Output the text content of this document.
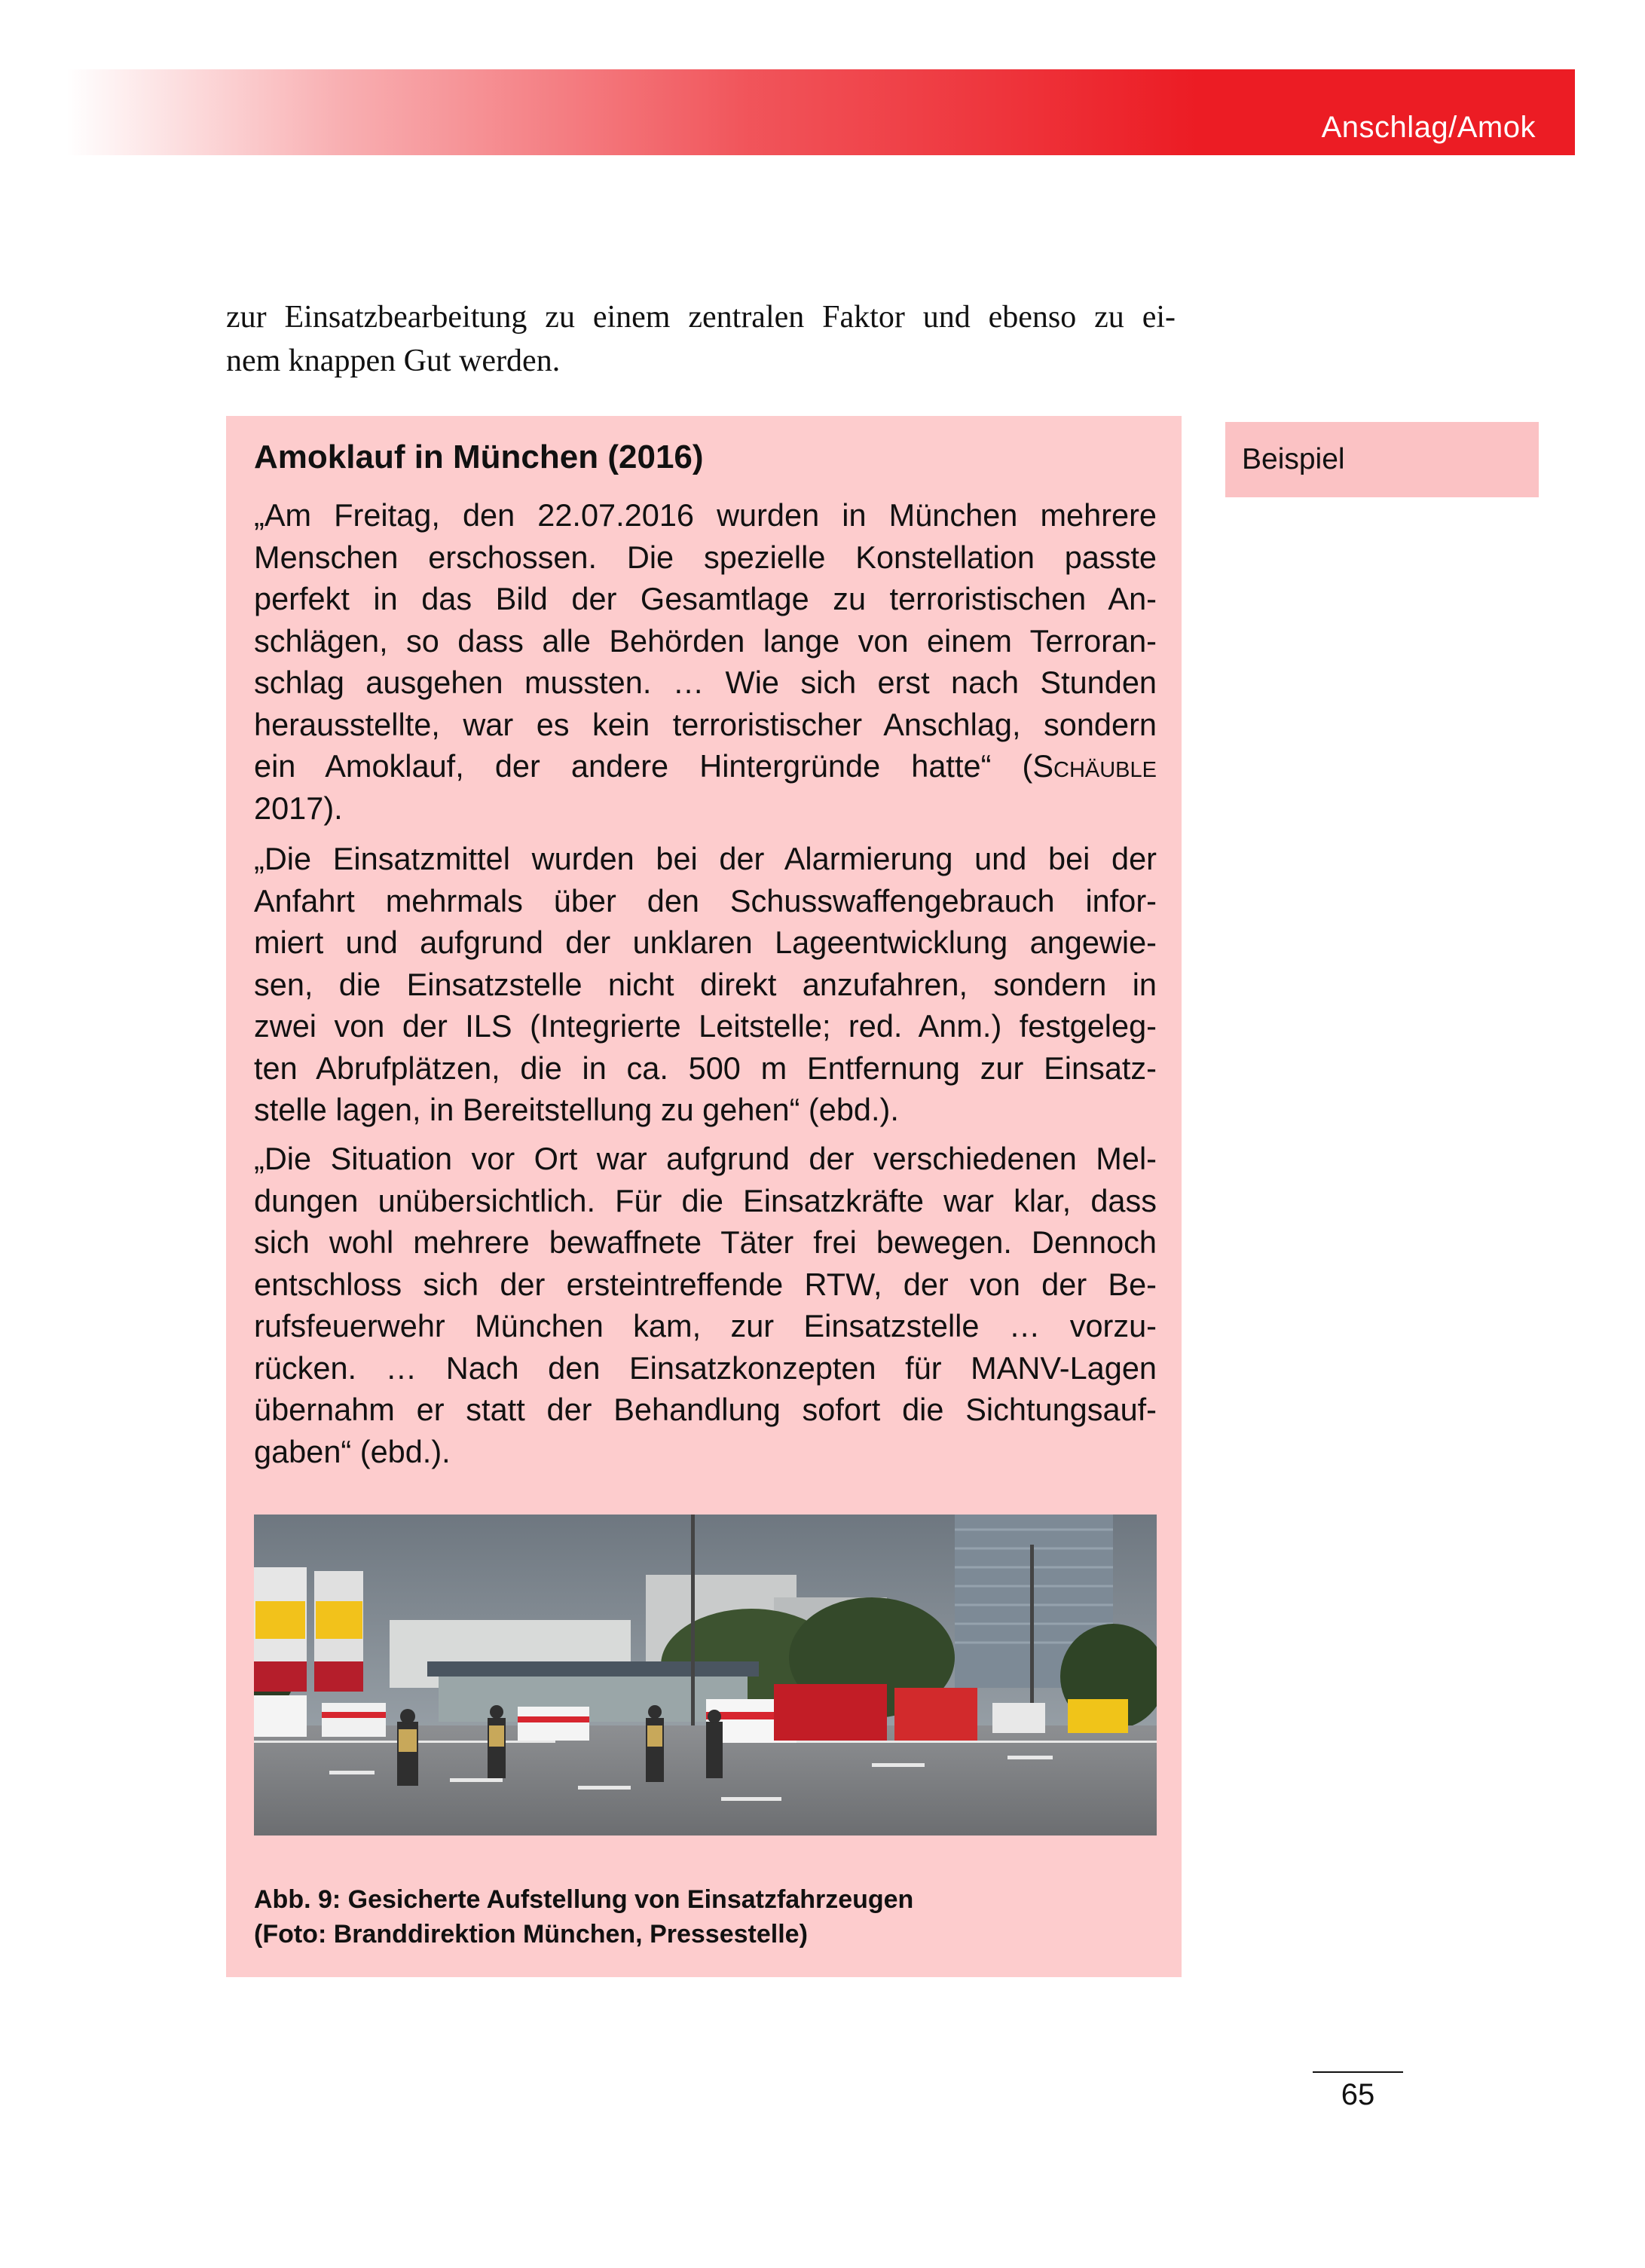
Anschlag/Amok
zur Einsatzbearbeitung zu einem zentralen Faktor und ebenso zu ei-
nem knappen Gut werden.
Beispiel
Amoklauf in München (2016)
„Am Freitag, den 22.07.2016 wurden in München mehrere
Menschen erschossen. Die spezielle Konstellation passte
perfekt in das Bild der Gesamtlage zu terroristischen An-
schlägen, so dass alle Behörden lange von einem Terroran-
schlag ausgehen mussten. … Wie sich erst nach Stunden
herausstellte, war es kein terroristischer Anschlag, sondern
ein Amoklauf, der andere Hintergründe hatte“ (Schäuble
2017).
„Die Einsatzmittel wurden bei der Alarmierung und bei der
Anfahrt mehrmals über den Schusswaffengebrauch infor-
miert und aufgrund der unklaren Lageentwicklung angewie-
sen, die Einsatzstelle nicht direkt anzufahren, sondern in
zwei von der ILS (Integrierte Leitstelle; red. Anm.) festgeleg-
ten Abrufplätzen, die in ca. 500 m Entfernung zur Einsatz-
stelle lagen, in Bereitstellung zu gehen“ (ebd.).
„Die Situation vor Ort war aufgrund der verschiedenen Mel-
dungen unübersichtlich. Für die Einsatzkräfte war klar, dass
sich wohl mehrere bewaffnete Täter frei bewegen. Dennoch
entschloss sich der ersteintreffende RTW, der von der Be-
rufsfeuerwehr München kam, zur Einsatzstelle … vorzu-
rücken. … Nach den Einsatzkonzepten für MANV-Lagen
übernahm er statt der Behandlung sofort die Sichtungsauf-
gaben“ (ebd.).
Abb. 9: Gesicherte Aufstellung von Einsatzfahrzeugen
(Foto: Branddirektion München, Pressestelle)
65
